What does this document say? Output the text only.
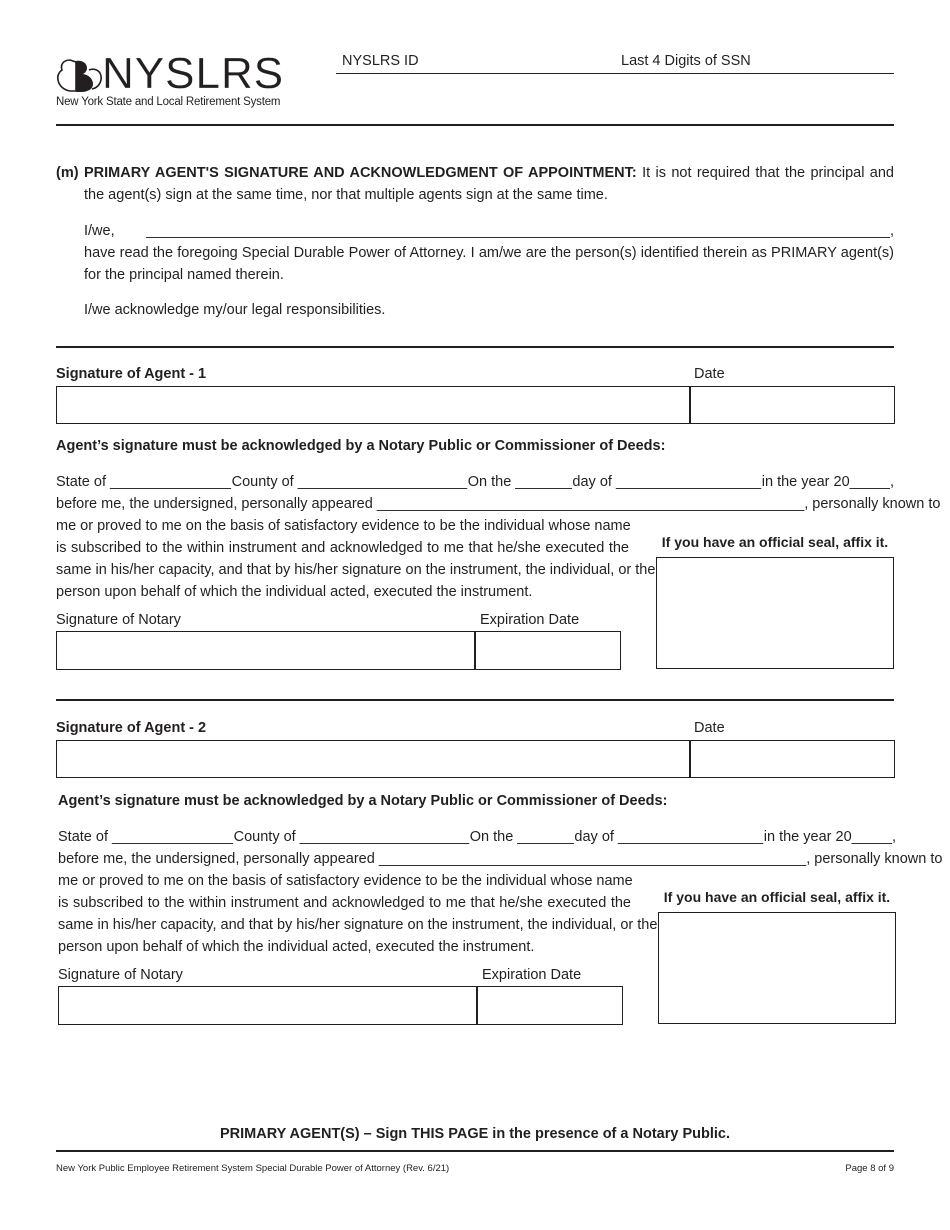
NYSLRS
New York State and Local Retirement System
NYSLRS ID	Last 4 Digits of SSN
(m) PRIMARY AGENT'S SIGNATURE AND ACKNOWLEDGMENT OF APPOINTMENT: It is not required that the principal and
the agent(s) sign at the same time, nor that multiple agents sign at the same time.
I/we, ____________________________________________________________________________________________,
have read the foregoing Special Durable Power of Attorney. I am/we are the person(s) identified therein as PRIMARY agent(s)
for the principal named therein.
I/we acknowledge my/our legal responsibilities.
Signature of Agent - 1	Date
Agent’s signature must be acknowledged by a Notary Public or Commissioner of Deeds:
State of _______________ County of _____________________ On the _______ day of __________________ in the year 20_____,
before me, the undersigned, personally appeared _____________________________________________________ , personally known to
me or proved to me on the basis of satisfactory evidence to be the individual whose name
is subscribed to the within instrument and acknowledged to me that he/she executed the
same in his/her capacity, and that by his/her signature on the instrument, the individual, or the
person upon behalf of which the individual acted, executed the instrument.
If you have an official seal, affix it.
Signature of Notary	Expiration Date
Signature of Agent - 2	Date
Agent’s signature must be acknowledged by a Notary Public or Commissioner of Deeds:
State of _______________ County of _____________________ On the _______ day of __________________ in the year 20_____,
before me, the undersigned, personally appeared _____________________________________________________ , personally known to
me or proved to me on the basis of satisfactory evidence to be the individual whose name
is subscribed to the within instrument and acknowledged to me that he/she executed the
same in his/her capacity, and that by his/her signature on the instrument, the individual, or the
person upon behalf of which the individual acted, executed the instrument.
If you have an official seal, affix it.
Signature of Notary	Expiration Date
PRIMARY AGENT(S) – Sign THIS PAGE in the presence of a Notary Public.
New York Public Employee Retirement System Special Durable Power of Attorney (Rev. 6/21)	Page 8 of 9
